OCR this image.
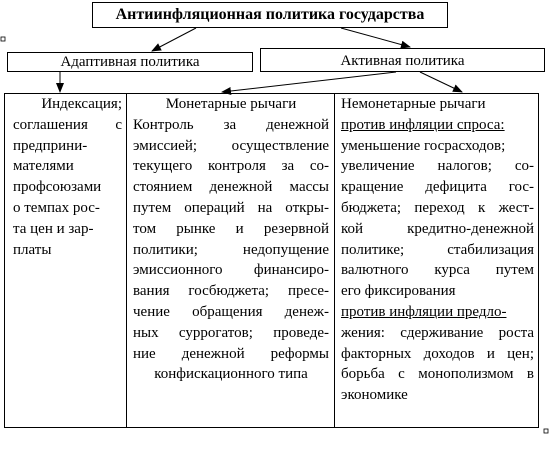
Антиинфляционная политика государства
Адаптивная политика	Активная политика
Индексация;
соглашения с
предприни-
мателями
профсоюзами
о темпах рос-
та цен и зар-
платы
Монетарные рычаги
Контроль за денежной
эмиссией; осуществление
текущего контроля за со-
стоянием денежной массы
путем операций на откры-
том рынке и резервной
политики; недопущение
эмиссионного финансиро-
вания госбюджета; пресе-
чение обращения денеж-
ных суррогатов; проведе-
ние денежной реформы
конфискационного типа
Немонетарные рычаги
против инфляции спроса:
уменьшение госрасходов;
увеличение налогов; со-
кращение дефицита гос-
бюджета; переход к жест-
кой кредитно-денежной
политике; стабилизация
валютного курса путем
его фиксирования
против инфляции предло-
жения: сдерживание роста
факторных доходов и цен;
борьба с монополизмом в
экономике
